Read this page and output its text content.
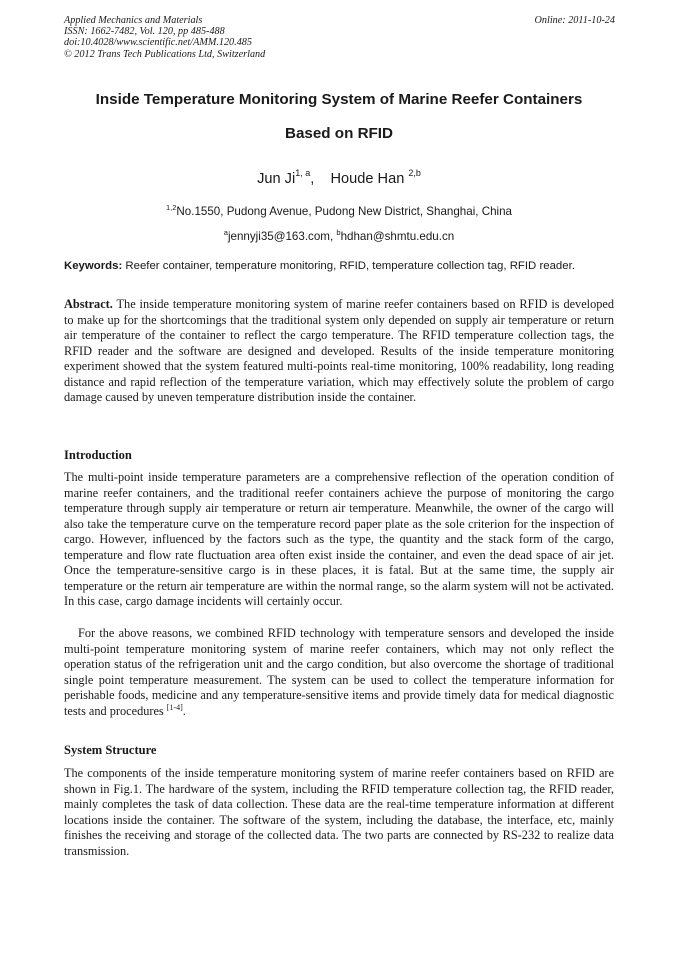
Applied Mechanics and Materials	Online: 2011-10-24
ISSN: 1662-7482, Vol. 120, pp 485-488
doi:10.4028/www.scientific.net/AMM.120.485
© 2012 Trans Tech Publications Ltd, Switzerland
Inside Temperature Monitoring System of Marine Reefer Containers
Based on RFID
Jun Ji$^{1, a}$,    Houde Han $^{2,b}$
$^{1,2}$No.1550, Pudong Avenue, Pudong New District, Shanghai, China
$^a$jennyji35@163.com, $^b$hdhan@shmtu.edu.cn
Keywords: Reefer container, temperature monitoring, RFID, temperature collection tag, RFID reader.

Abstract. The inside temperature monitoring system of marine reefer containers based on RFID is developed to make up for the shortcomings that the traditional system only depended on supply air temperature or return air temperature of the container to reflect the cargo temperature. The RFID temperature collection tags, the RFID reader and the software are designed and developed. Results of the inside temperature monitoring experiment showed that the system featured multi-points real-time monitoring, 100% readability, long reading distance and rapid reflection of the temperature variation, which may effectively solute the problem of cargo damage caused by uneven temperature distribution inside the container.

Introduction

The multi-point inside temperature parameters are a comprehensive reflection of the operation condition of marine reefer containers, and the traditional reefer containers achieve the purpose of monitoring the cargo temperature through supply air temperature or return air temperature. Meanwhile, the owner of the cargo will also take the temperature curve on the temperature record paper plate as the sole criterion for the inspection of cargo. However, influenced by the factors such as the type, the quantity and the stack form of the cargo, temperature and flow rate fluctuation area often exist inside the container, and even the dead space of air jet. Once the temperature-sensitive cargo is in these places, it is fatal. But at the same time, the supply air temperature or the return air temperature are within the normal range, so the alarm system will not be activated. In this case, cargo damage incidents will certainly occur.

For the above reasons, we combined RFID technology with temperature sensors and developed the inside multi-point temperature monitoring system of marine reefer containers, which may not only reflect the operation status of the refrigeration unit and the cargo condition, but also overcome the shortage of traditional single point temperature measurement. The system can be used to collect the temperature information for perishable foods, medicine and any temperature-sensitive items and provide timely data for medical diagnostic tests and procedures [1-4].

System Structure

The components of the inside temperature monitoring system of marine reefer containers based on RFID are shown in Fig.1. The hardware of the system, including the RFID temperature collection tag, the RFID reader, mainly completes the task of data collection. These data are the real-time temperature information at different locations inside the container. The software of the system, including the database, the interface, etc, mainly finishes the receiving and storage of the collected data. The two parts are connected by RS-232 to realize data transmission.
